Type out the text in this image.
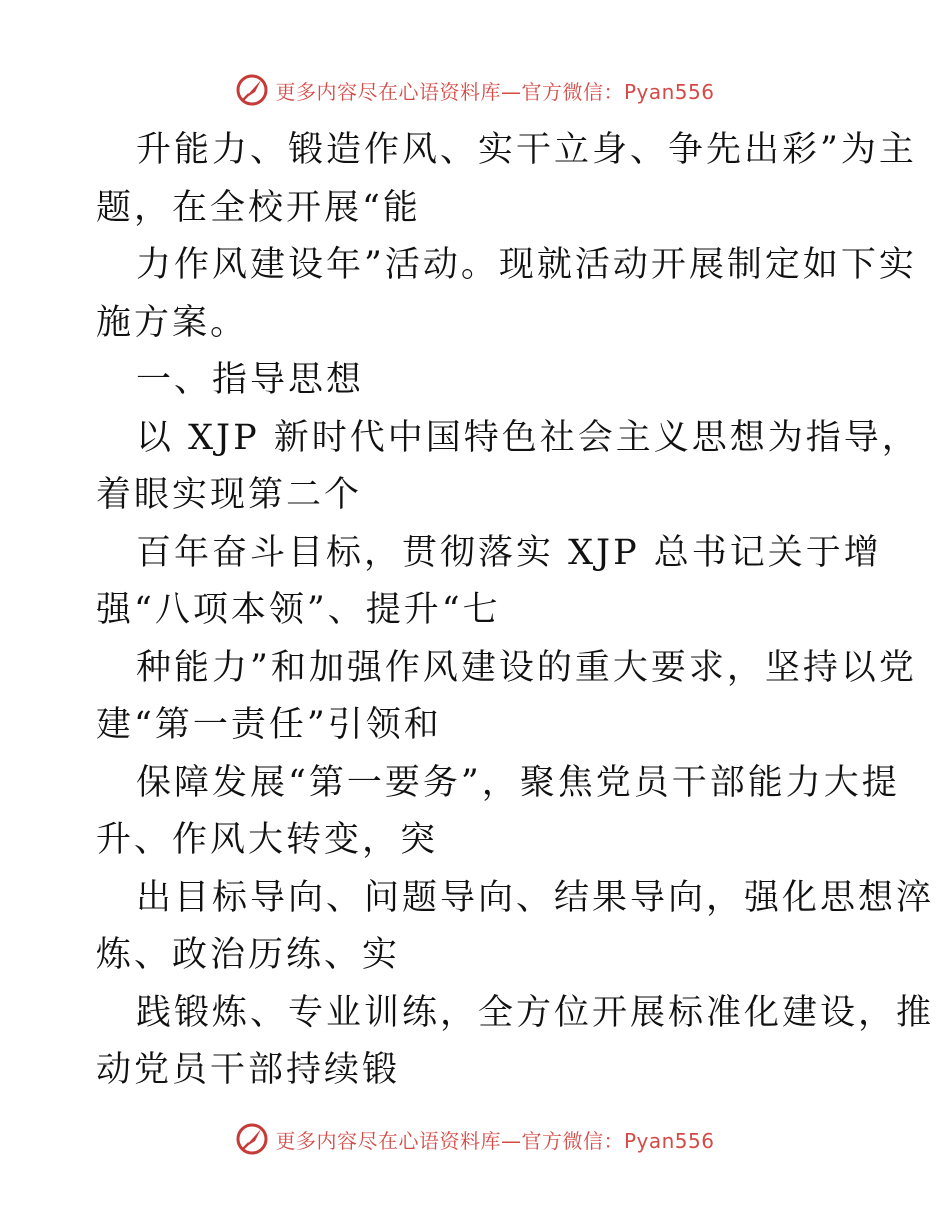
更多内容尽在心语资料库—官方微信：Pyan556
升能力、锻造作风、实干立身、争先出彩”为主
题，在全校开展“能
力作风建设年”活动。现就活动开展制定如下实
施方案。
一、指导思想
以 XJP 新时代中国特色社会主义思想为指导，
着眼实现第二个
百年奋斗目标，贯彻落实 XJP 总书记关于增
强“八项本领”、提升“七
种能力”和加强作风建设的重大要求，坚持以党
建“第一责任”引领和
保障发展“第一要务”，聚焦党员干部能力大提
升、作风大转变，突
出目标导向、问题导向、结果导向，强化思想淬
炼、政治历练、实
践锻炼、专业训练，全方位开展标准化建设，推
动党员干部持续锻
更多内容尽在心语资料库—官方微信：Pyan556
